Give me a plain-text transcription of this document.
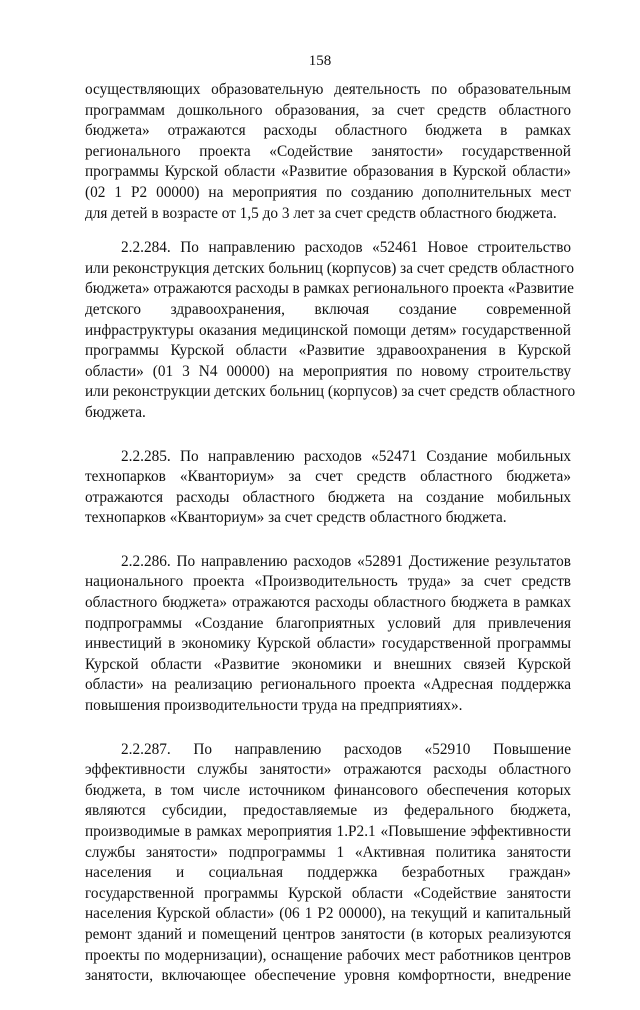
158
осуществляющих образовательную деятельность по образовательным
программам дошкольного образования, за счет средств областного
бюджета» отражаются расходы областного бюджета в рамках
регионального проекта «Содействие занятости» государственной
программы Курской области «Развитие образования в Курской области»
(02 1 P2 00000) на мероприятия по созданию дополнительных мест
для детей в возрасте от 1,5 до 3 лет за счет средств областного бюджета.
2.2.284. По направлению расходов «52461 Новое строительство
или реконструкция детских больниц (корпусов) за счет средств областного
бюджета» отражаются расходы в рамках регионального проекта «Развитие
детского здравоохранения, включая создание современной
инфраструктуры оказания медицинской помощи детям» государственной
программы Курской области «Развитие здравоохранения в Курской
области» (01 3 N4 00000) на мероприятия по новому строительству
или реконструкции детских больниц (корпусов) за счет средств областного
бюджета.
2.2.285. По направлению расходов «52471 Создание мобильных
технопарков «Кванториум» за счет средств областного бюджета»
отражаются расходы областного бюджета на создание мобильных
технопарков «Кванториум» за счет средств областного бюджета.
2.2.286. По направлению расходов «52891 Достижение результатов
национального проекта «Производительность труда» за счет средств
областного бюджета» отражаются расходы областного бюджета в рамках
подпрограммы «Создание благоприятных условий для привлечения
инвестиций в экономику Курской области» государственной программы
Курской области «Развитие экономики и внешних связей Курской
области» на реализацию регионального проекта «Адресная поддержка
повышения производительности труда на предприятиях».
2.2.287. По направлению расходов «52910 Повышение
эффективности службы занятости» отражаются расходы областного
бюджета, в том числе источником финансового обеспечения которых
являются субсидии, предоставляемые из федерального бюджета,
производимые в рамках мероприятия 1.P2.1 «Повышение эффективности
службы занятости» подпрограммы 1 «Активная политика занятости
населения и социальная поддержка безработных граждан»
государственной программы Курской области «Содействие занятости
населения Курской области» (06 1 P2 00000), на текущий и капитальный
ремонт зданий и помещений центров занятости (в которых реализуются
проекты по модернизации), оснащение рабочих мест работников центров
занятости, включающее обеспечение уровня комфортности, внедрение
